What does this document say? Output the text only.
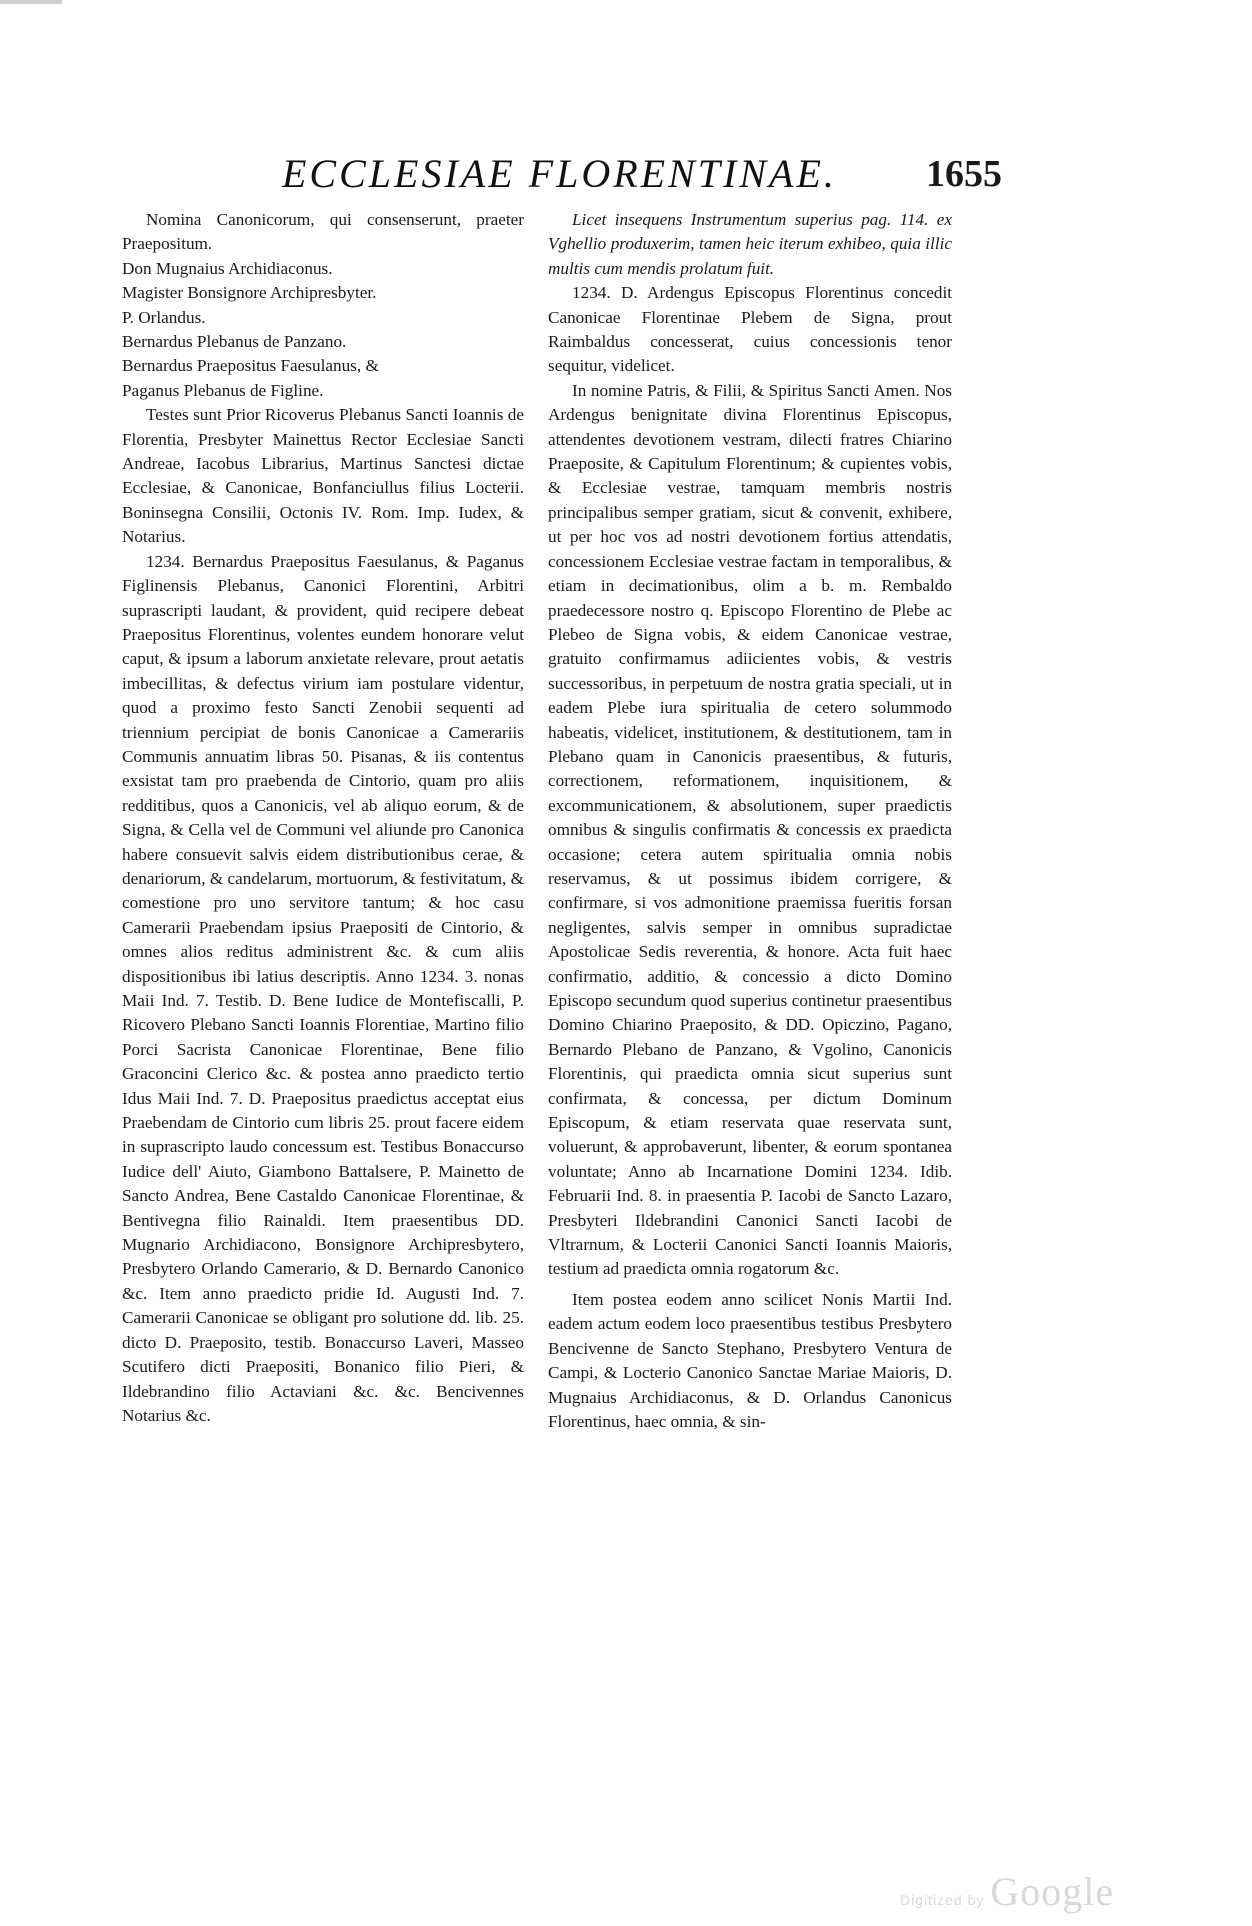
ECCLESIAE FLORENTINAE. 1655

Nomina Canonicorum, qui consenserunt, praeter Praepositum.

Don Mugnaius Archidiaconus.
Magister Bonsignore Archipresbyter.
P. Orlandus.
Bernardus Plebanus de Panzano.
Bernardus Praepositus Faesulanus, &
Paganus Plebanus de Figline.

Testes sunt Prior Ricoverus Plebanus Sancti Ioannis de Florentia, Presbyter Mainettus Rector Ecclesiae Sancti Andreae, Iacobus Librarius, Martinus Sanctesi dictae Ecclesiae, & Canonicae, Bonfanciullus filius Locterii. Boninsegna Consilii, Octonis IV. Rom. Imp. Iudex, & Notarius.

1234. Bernardus Praepositus Faesulanus, & Paganus Figlinensis Plebanus, Canonici Florentini, Arbitri suprascripti laudant, & provident, quid recipere debeat Praepositus Florentinus, volentes eundem honorare velut caput, & ipsum a laborum anxietate relevare, prout aetatis imbecillitas, & defectus virium iam postulare videntur, quod a proximo festo Sancti Zenobii sequenti ad triennium percipiat de bonis Canonicae a Camerariis Communis annuatim libras 50. Pisanas, & iis contentus exsistat tam pro praebenda de Cintorio, quam pro aliis redditibus, quos a Canonicis, vel ab aliquo eorum, & de Signa, & Cella vel de Communi vel aliunde pro Canonica habere consuevit salvis eidem distributionibus cerae, & denariorum, & candelarum, mortuorum, & festivitatum, & comestione pro uno servitore tantum; & hoc casu Camerarii Praebendam ipsius Praepositi de Cintorio, & omnes alios reditus administrent &c. & cum aliis dispositionibus ibi latius descriptis. Anno 1234. 3. nonas Maii Ind. 7. Testib. D. Bene Iudice de Montefiscalli, P. Ricovero Plebano Sancti Ioannis Florentiae, Martino filio Porci Sacrista Canonicae Florentinae, Bene filio Graconcini Clerico &c. & postea anno praedicto tertio Idus Maii Ind. 7. D. Praepositus praedictus acceptat eius Praebendam de Cintorio cum libris 25. prout facere eidem in suprascripto laudo concessum est. Testibus Bonaccurso Iudice dell' Aiuto, Giambono Battalsere, P. Mainetto de Sancto Andrea, Bene Castaldo Canonicae Florentinae, & Bentivegna filio Rainaldi. Item praesentibus DD. Mugnario Archidiacono, Bonsignore Archipresbytero, Presbytero Orlando Camerario, & D. Bernardo Canonico &c. Item anno praedicto pridie Id. Augusti Ind. 7. Camerarii Canonicae se obligant pro solutione dd. lib. 25. dicto D. Praeposito, testib. Bonaccurso Laveri, Masseo Scutifero dicti Praepositi, Bonanico filio Pieri, & Ildebrandino filio Actaviani &c. &c. Bencivennes Notarius &c.

Licet insequens Instrumentum superius pag. 114. ex Vghellio produxerim, tamen heic iterum exhibeo, quia illic multis cum mendis prolatum fuit.

1234. D. Ardengus Episcopus Florentinus concedit Canonicae Florentinae Plebem de Signa, prout Raimbaldus concesserat, cuius concessionis tenor sequitur, videlicet.

In nomine Patris, & Filii, & Spiritus Sancti Amen. Nos Ardengus benignitate divina Florentinus Episcopus, attendentes devotionem vestram, dilecti fratres Chiarino Praeposite, & Capitulum Florentinum; & cupientes vobis, & Ecclesiae vestrae, tamquam membris nostris principalibus semper gratiam, sicut & convenit, exhibere, ut per hoc vos ad nostri devotionem fortius attendatis, concessionem Ecclesiae vestrae factam in temporalibus, & etiam in decimationibus, olim a b. m. Rembaldo praedecessore nostro q. Episcopo Florentino de Plebe ac Plebeo de Signa vobis, & eidem Canonicae vestrae, gratuito confirmamus adiicientes vobis, & vestris successoribus, in perpetuum de nostra gratia speciali, ut in eadem Plebe iura spiritualia de cetero solummodo habeatis, videlicet, institutionem, & destitutionem, tam in Plebano quam in Canonicis praesentibus, & futuris, correctionem, reformationem, inquisitionem, & excommunicationem, & absolutionem, super praedictis omnibus & singulis confirmatis & concessis ex praedicta occasione; cetera autem spiritualia omnia nobis reservamus, & ut possimus ibidem corrigere, & confirmare, si vos admonitione praemissa fueritis forsan negligentes, salvis semper in omnibus supradictae Apostolicae Sedis reverentia, & honore. Acta fuit haec confirmatio, additio, & concessio a dicto Domino Episcopo secundum quod superius continetur praesentibus Domino Chiarino Praeposito, & DD. Opiczino, Pagano, Bernardo Plebano de Panzano, & Vgolino, Canonicis Florentinis, qui praedicta omnia sicut superius sunt confirmata, & concessa, per dictum Dominum Episcopum, & etiam reservata quae reservata sunt, voluerunt, & approbaverunt, libenter, & eorum spontanea voluntate; Anno ab Incarnatione Domini 1234. Idib. Februarii Ind. 8. in praesentia P. Iacobi de Sancto Lazaro, Presbyteri Ildebrandini Canonici Sancti Iacobi de Vltrarnum, & Locterii Canonici Sancti Ioannis Maioris, testium ad praedicta omnia rogatorum &c.

Item postea eodem anno scilicet Nonis Martii Ind. eadem actum eodem loco praesentibus testibus Presbytero Bencivenne de Sancto Stephano, Presbytero Ventura de Campi, & Locterio Canonico Sanctae Mariae Maioris, D. Mugnaius Archidiaconus, & D. Orlandus Canonicus Florentinus, haec omnia, & sin-

Digitized by Google
